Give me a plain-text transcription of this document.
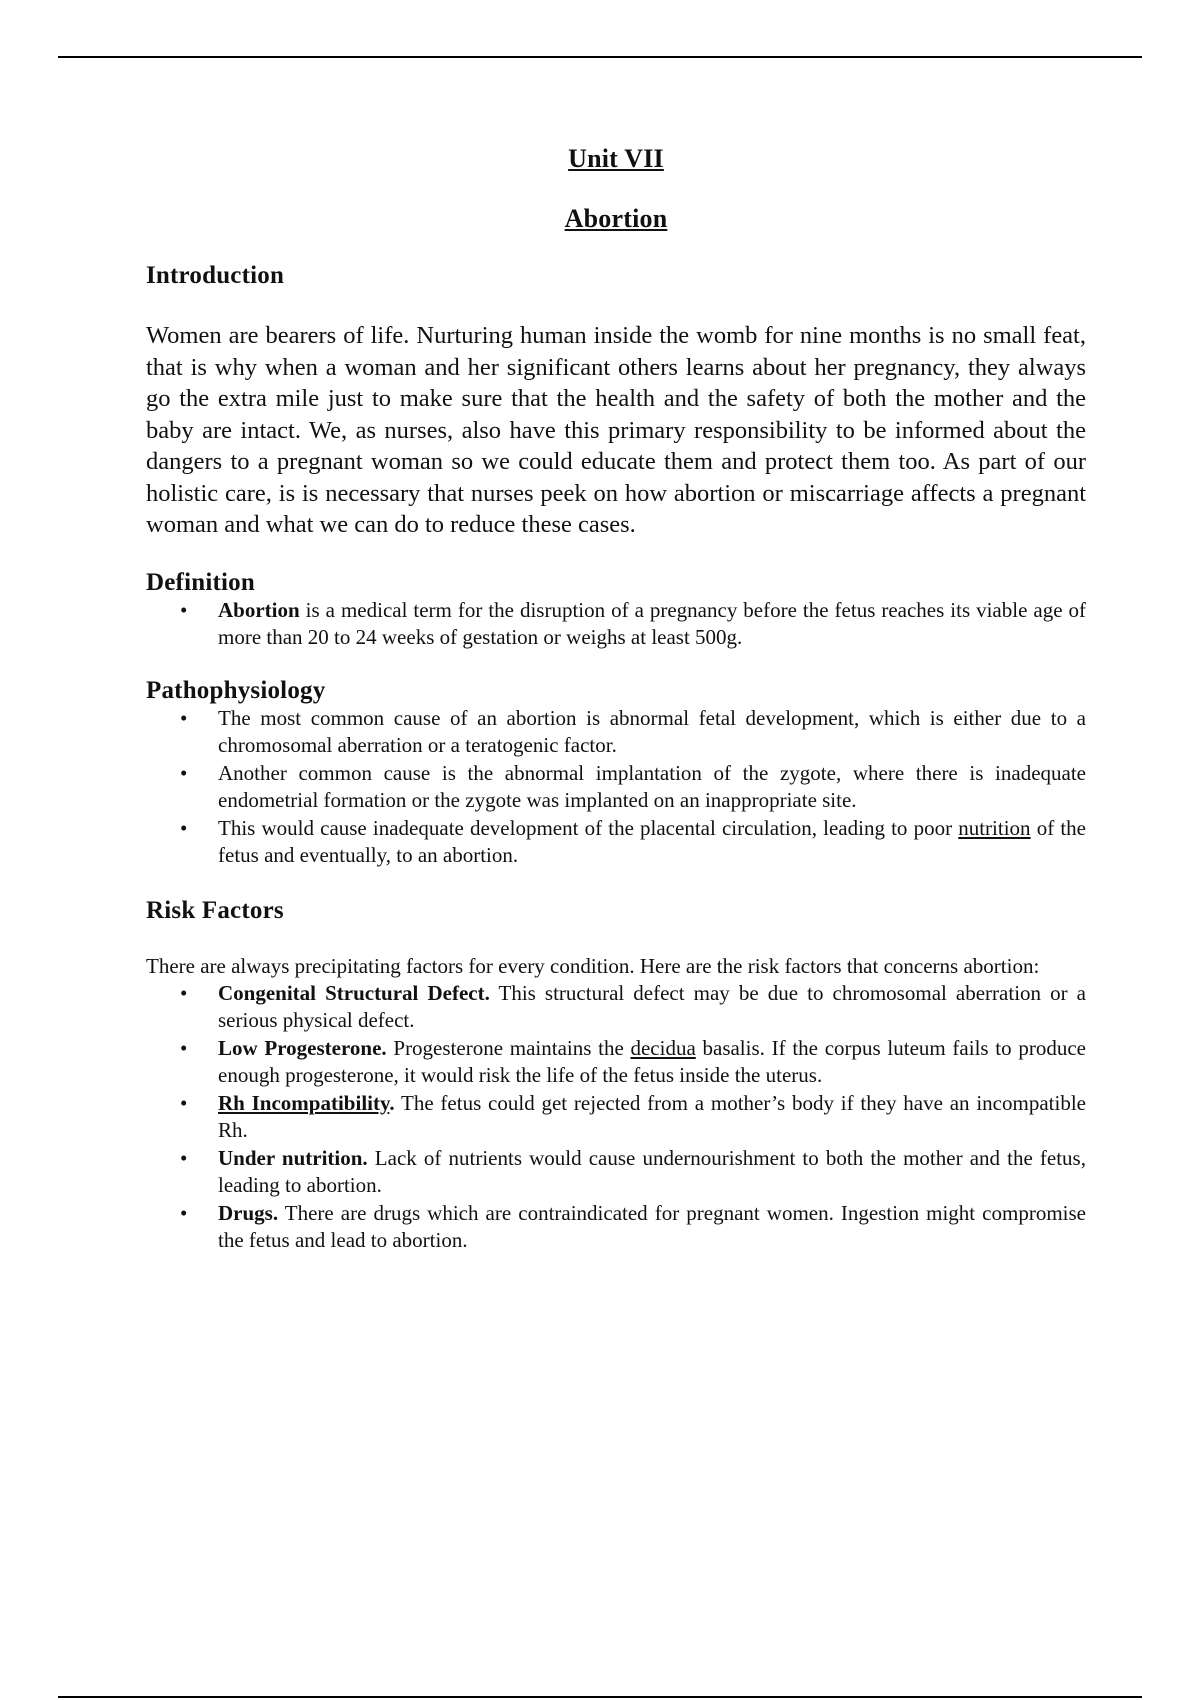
Unit VII

Abortion

Introduction

Women are bearers of life. Nurturing human inside the womb for nine months is no small feat, that is why when a woman and her significant others learns about her pregnancy, they always go the extra mile just to make sure that the health and the safety of both the mother and the baby are intact. We, as nurses, also have this primary responsibility to be informed about the dangers to a pregnant woman so we could educate them and protect them too. As part of our holistic care, is is necessary that nurses peek on how abortion or miscarriage affects a pregnant woman and what we can do to reduce these cases.

Definition
• Abortion is a medical term for the disruption of a pregnancy before the fetus reaches its viable age of more than 20 to 24 weeks of gestation or weighs at least 500g.
Pathophysiology
• The most common cause of an abortion is abnormal fetal development, which is either due to a chromosomal aberration or a teratogenic factor.
• Another common cause is the abnormal implantation of the zygote, where there is inadequate endometrial formation or the zygote was implanted on an inappropriate site.
• This would cause inadequate development of the placental circulation, leading to poor nutrition of the fetus and eventually, to an abortion.
Risk Factors

There are always precipitating factors for every condition. Here are the risk factors that concerns abortion:

• Congenital Structural Defect. This structural defect may be due to chromosomal aberration or a serious physical defect.
• Low Progesterone. Progesterone maintains the decidua basalis. If the corpus luteum fails to produce enough progesterone, it would risk the life of the fetus inside the uterus.
• Rh Incompatibility. The fetus could get rejected from a mother’s body if they have an incompatible Rh.
• Under nutrition. Lack of nutrients would cause undernourishment to both the mother and the fetus, leading to abortion.
• Drugs. There are drugs which are contraindicated for pregnant women. Ingestion might compromise the fetus and lead to abortion.
